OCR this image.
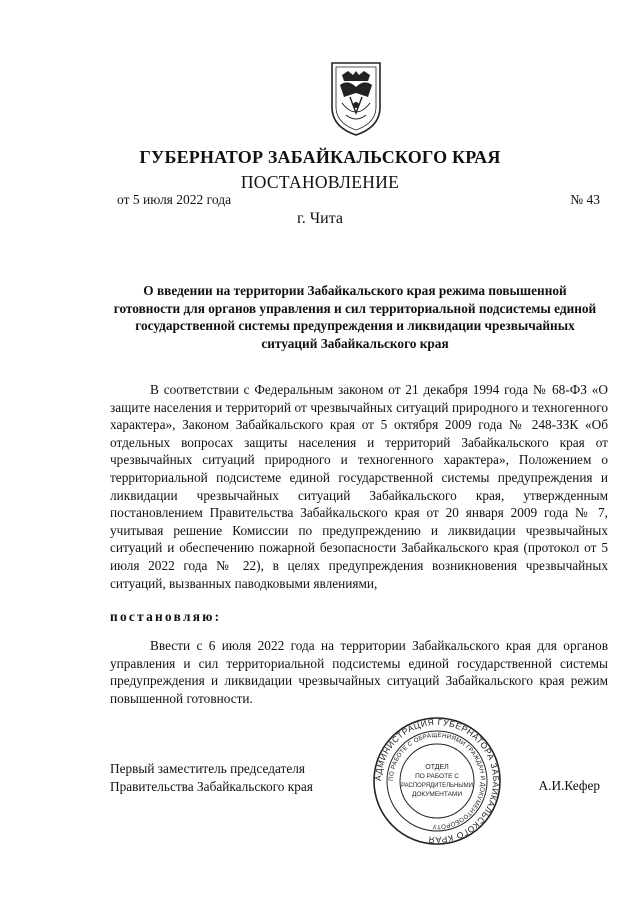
ГУБЕРНАТОР ЗАБАЙКАЛЬСКОГО КРАЯ
ПОСТАНОВЛЕНИЕ
от 5 июля 2022 года	№ 43
г. Чита
О введении на территории Забайкальского края режима повышенной готовности для органов управления и сил территориальной подсистемы единой государственной системы предупреждения и ликвидации чрезвычайных ситуаций Забайкальского края
В соответствии с Федеральным законом от 21 декабря 1994 года № 68-ФЗ «О защите населения и территорий от чрезвычайных ситуаций природного и техногенного характера», Законом Забайкальского края от 5 октября 2009 года № 248-ЗЗК «Об отдельных вопросах защиты населения и территорий Забайкальского края от чрезвычайных ситуаций природного и техногенного характера», Положением о территориальной подсистеме единой государственной системы предупреждения и ликвидации чрезвычайных ситуаций Забайкальского края, утвержденным постановлением Правительства Забайкальского края от 20 января 2009 года № 7, учитывая решение Комиссии по предупреждению и ликвидации чрезвычайных ситуаций и обеспечению пожарной безопасности Забайкальского края (протокол от 5 июля 2022 года № 22), в целях предупреждения возникновения чрезвычайных ситуаций, вызванных паводковыми явлениями,
постановляю:
Ввести с 6 июля 2022 года на территории Забайкальского края для органов управления и сил территориальной подсистемы единой государственной системы предупреждения и ликвидации чрезвычайных ситуаций Забайкальского края режим повышенной готовности.
Первый заместитель председателя
Правительства Забайкальского края	А.И.Кефер
АДМИНИСТРАЦИЯ ГУБЕРНАТОРА ЗАБАЙКАЛЬСКОГО КРАЯ
ПО РАБОТЕ С ОБРАЩЕНИЯМИ ГРАЖДАН И ДОКУМЕНТООБОРОТУ
ОТДЕЛ
ПО РАБОТЕ С
РАСПОРЯДИТЕЛЬНЫМИ
ДОКУМЕНТАМИ
